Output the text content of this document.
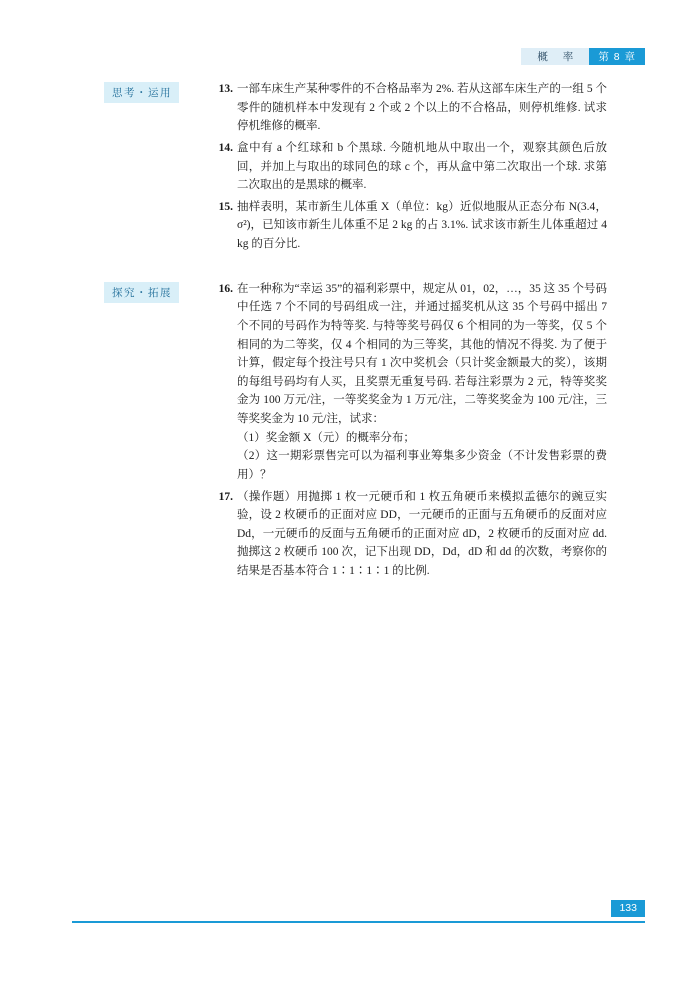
概 率	第 8 章
思考・运用	13. 一部车床生产某种零件的不合格品率为 2%. 若从这部车床生产的一组 5 个零件的随机样本中发现有 2 个或 2 个以上的不合格品，则停机维修. 试求停机维修的概率.

14. 盒中有 a 个红球和 b 个黑球. 今随机地从中取出一个，观察其颜色后放回，并加上与取出的球同色的球 c 个，再从盒中第二次取出一个球. 求第二次取出的是黑球的概率.

15. 抽样表明，某市新生儿体重 X（单位：kg）近似地服从正态分布 N(3.4，σ²)，已知该市新生儿体重不足 2 kg 的占 3.1%. 试求该市新生儿体重超过 4 kg 的百分比.

探究・拓展	16. 在一种称为“幸运 35”的福利彩票中，规定从 01，02，…，35 这 35 个号码中任选 7 个不同的号码组成一注，并通过摇奖机从这 35 个号码中摇出 7 个不同的号码作为特等奖. 与特等奖号码仅 6 个相同的为一等奖，仅 5 个相同的为二等奖，仅 4 个相同的为三等奖，其他的情况不得奖. 为了便于计算，假定每个投注号只有 1 次中奖机会（只计奖金额最大的奖），该期的每组号码均有人买，且奖票无重复号码. 若每注彩票为 2 元，特等奖奖金为 100 万元/注，一等奖奖金为 1 万元/注，二等奖奖金为 100 元/注，三等奖奖金为 10 元/注，试求：

（1）奖金额 X（元）的概率分布；

（2）这一期彩票售完可以为福利事业筹集多少资金（不计发售彩票的费用）？

17. （操作题）用抛掷 1 枚一元硬币和 1 枚五角硬币来模拟孟德尔的豌豆实验，设 2 枚硬币的正面对应 DD，一元硬币的正面与五角硬币的反面对应 Dd，一元硬币的反面与五角硬币的正面对应 dD，2 枚硬币的反面对应 dd. 抛掷这 2 枚硬币 100 次，记下出现 DD，Dd，dD 和 dd 的次数，考察你的结果是否基本符合 1∶1∶1∶1 的比例.

133
